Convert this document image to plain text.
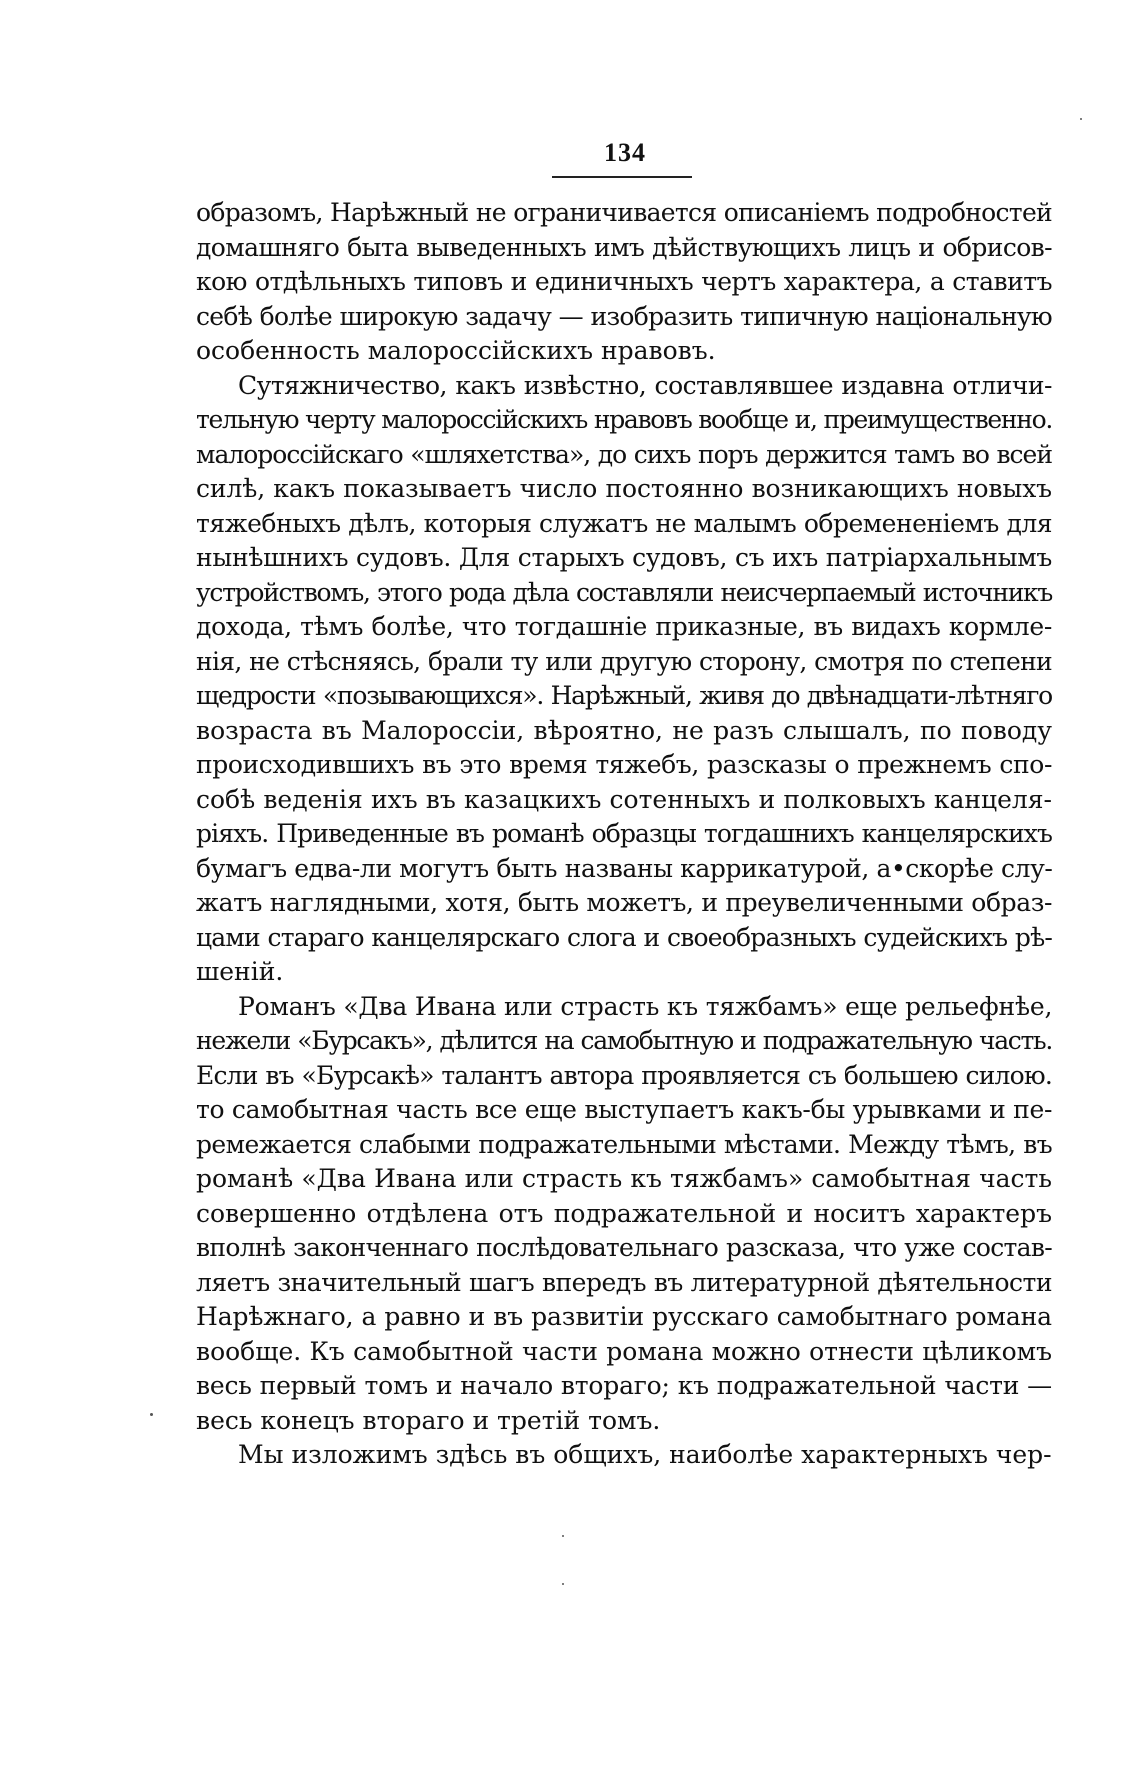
134
образомъ, Нарѣжный не ограничивается описаніемъ подробностей
домашняго быта выведенныхъ имъ дѣйствующихъ лицъ и обрисов-
кою отдѣльныхъ типовъ и единичныхъ чертъ характера, а ставитъ
себѣ болѣе широкую задачу — изобразить типичную національную
особенность малороссійскихъ нравовъ.
Сутяжничество, какъ извѣстно, составлявшее издавна отличи-
тельную черту малороссійскихъ нравовъ вообще и, преимущественно.
малороссійскаго «шляхетства», до сихъ поръ держится тамъ во всей
силѣ, какъ показываетъ число постоянно возникающихъ новыхъ
тяжебныхъ дѣлъ, которыя служатъ не малымъ обремененіемъ для
нынѣшнихъ судовъ. Для старыхъ судовъ, съ ихъ патріархальнымъ
устройствомъ, этого рода дѣла составляли неисчерпаемый источникъ
дохода, тѣмъ болѣе, что тогдашніе приказные, въ видахъ кормле-
нія, не стѣсняясь, брали ту или другую сторону, смотря по степени
щедрости «позывающихся». Нарѣжный, живя до двѣнадцати-лѣтняго
возраста въ Малороссіи, вѣроятно, не разъ слышалъ, по поводу
происходившихъ въ это время тяжебъ, разсказы о прежнемъ спо-
собѣ веденія ихъ въ казацкихъ сотенныхъ и полковыхъ канцеля-
ріяхъ. Приведенные въ романѣ образцы тогдашнихъ канцелярскихъ
бумагъ едва-ли могутъ быть названы каррикатурой, а•скорѣе слу-
жатъ наглядными, хотя, быть можетъ, и преувеличенными образ-
цами стараго канцелярскаго слога и своеобразныхъ судейскихъ рѣ-
шеній.
Романъ «Два Ивана или страсть къ тяжбамъ» еще рельефнѣе,
нежели «Бурсакъ», дѣлится на самобытную и подражательную часть.
Если въ «Бурсакѣ» талантъ автора проявляется съ большею силою.
то самобытная часть все еще выступаетъ какъ-бы урывками и пе-
ремежается слабыми подражательными мѣстами. Между тѣмъ, въ
романѣ «Два Ивана или страсть къ тяжбамъ» самобытная часть
совершенно отдѣлена отъ подражательной и носитъ характеръ
вполнѣ законченнаго послѣдовательнаго разсказа, что уже состав-
ляетъ значительный шагъ впередъ въ литературной дѣятельности
Нарѣжнаго, а равно и въ развитіи русскаго самобытнаго романа
вообще. Къ самобытной части романа можно отнести цѣликомъ
весь первый томъ и начало втораго; къ подражательной части —
весь конецъ втораго и третій томъ.
Мы изложимъ здѣсь въ общихъ, наиболѣе характерныхъ чер-
